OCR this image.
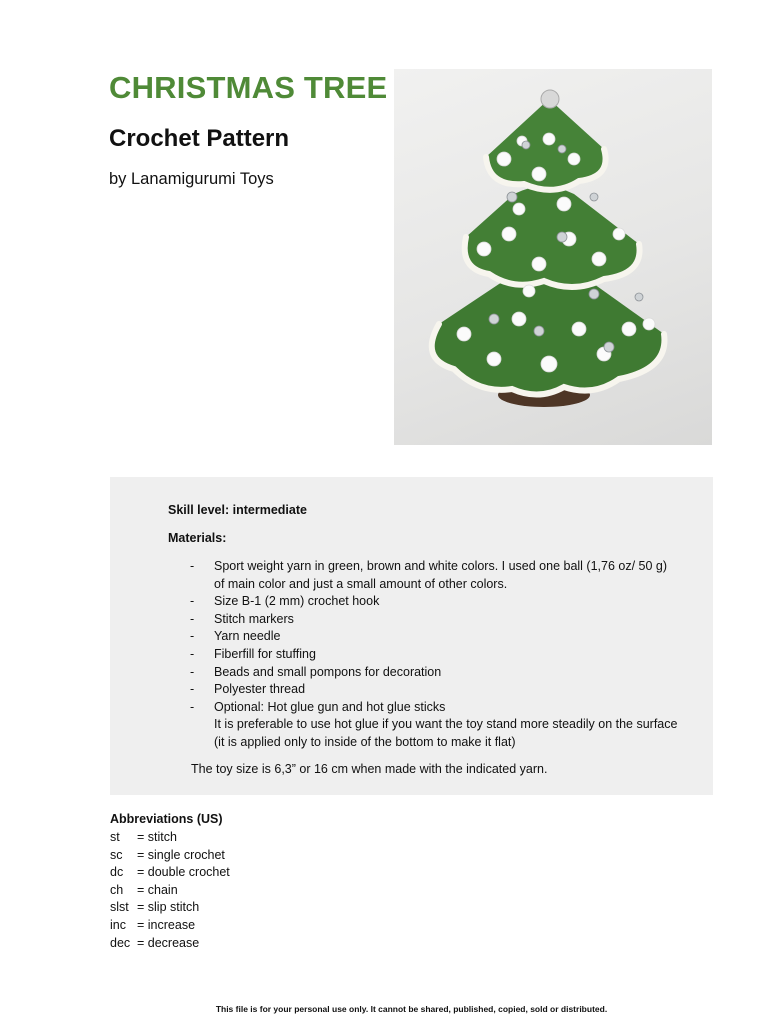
CHRISTMAS TREE
Crochet Pattern

by Lanamigurumi Toys

Skill level: intermediate
Materials:
- Sport weight yarn in green, brown and white colors. I used one ball (1,76 oz/ 50 g)
of main color and just a small amount of other colors.
- Size B-1 (2 mm) crochet hook
- Stitch markers
- Yarn needle
- Fiberfill for stuffing
- Beads and small pompons for decoration
- Polyester thread
- Optional: Hot glue gun and hot glue sticks
It is preferable to use hot glue if you want the toy stand more steadily on the surface
(it is applied only to inside of the bottom to make it flat)
The toy size is 6,3” or 16 cm when made with the indicated yarn.
Abbreviations (US)
st = stitch
sc = single crochet
dc = double crochet
ch = chain
slst = slip stitch
inc = increase
dec = decrease
This file is for your personal use only. It cannot be shared, published, copied, sold or distributed.
